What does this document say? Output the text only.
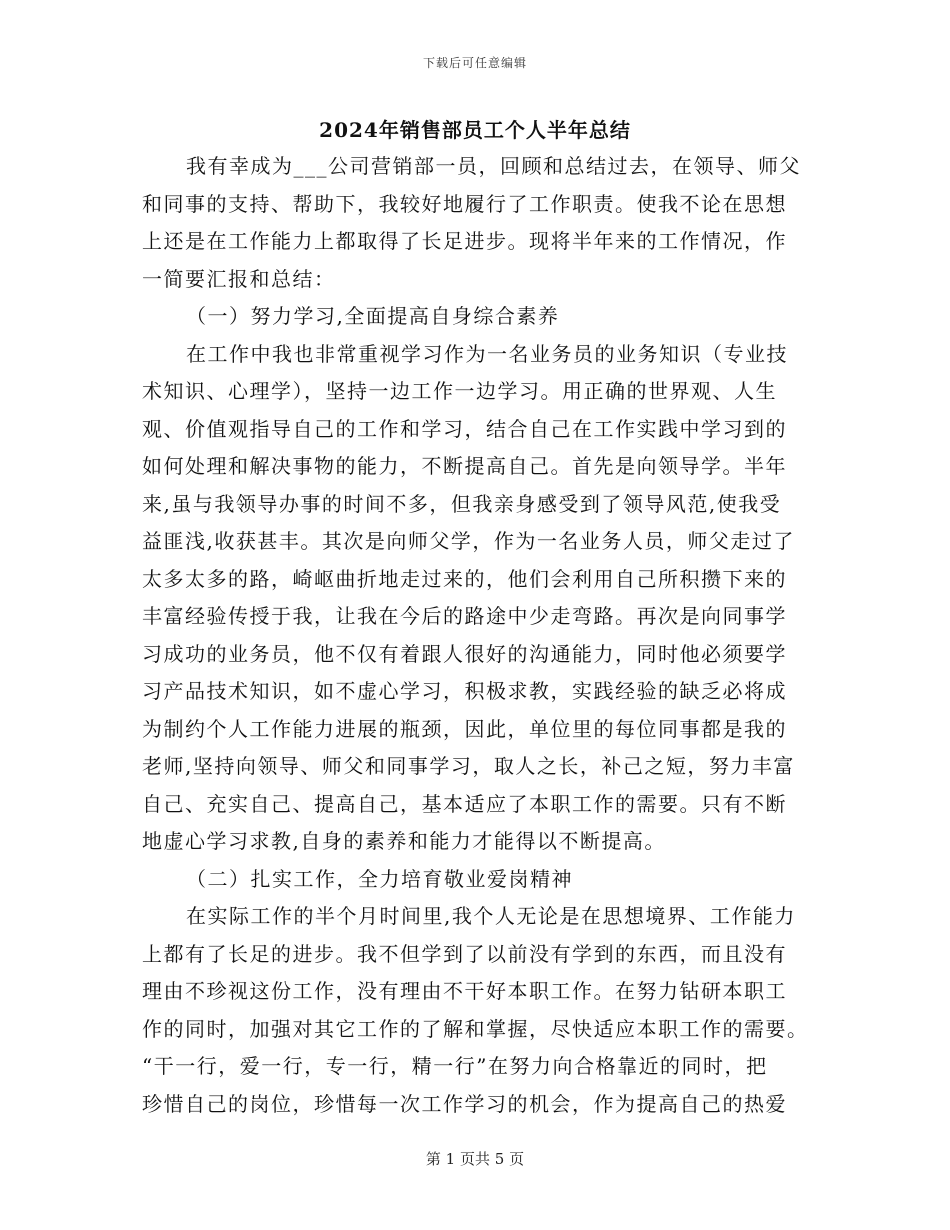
下载后可任意编辑
2024年销售部员工个人半年总结
我有幸成为___公司营销部一员，回顾和总结过去，在领导、师父
和同事的支持、帮助下，我较好地履行了工作职责。使我不论在思想
上还是在工作能力上都取得了长足进步。现将半年来的工作情况，作
一简要汇报和总结：
（一）努力学习,全面提高自身综合素养
在工作中我也非常重视学习作为一名业务员的业务知识（专业技
术知识、心理学），坚持一边工作一边学习。用正确的世界观、人生
观、价值观指导自己的工作和学习，结合自己在工作实践中学习到的
如何处理和解决事物的能力，不断提高自己。首先是向领导学。半年
来,虽与我领导办事的时间不多，但我亲身感受到了领导风范,使我受
益匪浅,收获甚丰。其次是向师父学，作为一名业务人员，师父走过了
太多太多的路，崎岖曲折地走过来的，他们会利用自己所积攒下来的
丰富经验传授于我，让我在今后的路途中少走弯路。再次是向同事学
习成功的业务员，他不仅有着跟人很好的沟通能力，同时他必须要学
习产品技术知识，如不虚心学习，积极求教，实践经验的缺乏必将成
为制约个人工作能力进展的瓶颈，因此，单位里的每位同事都是我的
老师,坚持向领导、师父和同事学习，取人之长，补己之短，努力丰富
自己、充实自己、提高自己，基本适应了本职工作的需要。只有不断
地虚心学习求教,自身的素养和能力才能得以不断提高。
（二）扎实工作，全力培育敬业爱岗精神
在实际工作的半个月时间里,我个人无论是在思想境界、工作能力
上都有了长足的进步。我不但学到了以前没有学到的东西，而且没有
理由不珍视这份工作，没有理由不干好本职工作。在努力钻研本职工
作的同时，加强对其它工作的了解和掌握，尽快适应本职工作的需要。
“干一行，爱一行，专一行，精一行”在努力向合格靠近的同时，把
珍惜自己的岗位，珍惜每一次工作学习的机会，作为提高自己的热爱
第 1 页共 5 页
